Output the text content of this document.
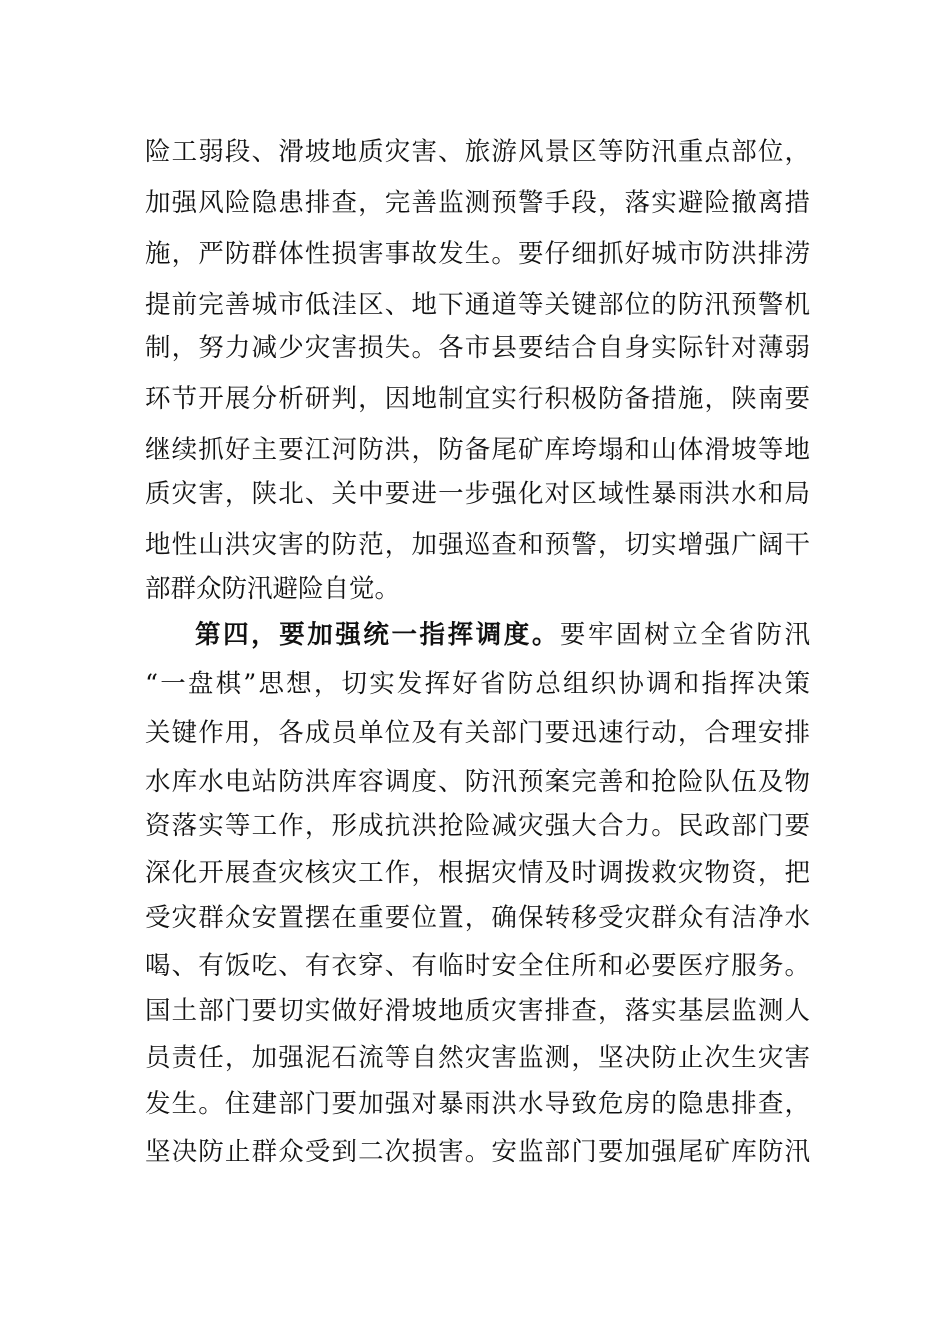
险工弱段、滑坡地质灾害、旅游风景区等防汛重点部位，
加强风险隐患排查，完善监测预警手段，落实避险撤离措
施，严防群体性损害事故发生。要仔细抓好城市防洪排涝
提前完善城市低洼区、地下通道等关键部位的防汛预警机
制，努力减少灾害损失。各市县要结合自身实际针对薄弱
环节开展分析研判，因地制宜实行积极防备措施，陕南要
继续抓好主要江河防洪，防备尾矿库垮塌和山体滑坡等地
质灾害，陕北、关中要进一步强化对区域性暴雨洪水和局
地性山洪灾害的防范，加强巡查和预警，切实增强广阔干
部群众防汛避险自觉。
第四，要加强统一指挥调度。要牢固树立全省防汛
“一盘棋”思想，切实发挥好省防总组织协调和指挥决策
关键作用，各成员单位及有关部门要迅速行动，合理安排
水库水电站防洪库容调度、防汛预案完善和抢险队伍及物
资落实等工作，形成抗洪抢险减灾强大合力。民政部门要
深化开展查灾核灾工作，根据灾情及时调拨救灾物资，把
受灾群众安置摆在重要位置，确保转移受灾群众有洁净水
喝、有饭吃、有衣穿、有临时安全住所和必要医疗服务。
国土部门要切实做好滑坡地质灾害排查，落实基层监测人
员责任，加强泥石流等自然灾害监测，坚决防止次生灾害
发生。住建部门要加强对暴雨洪水导致危房的隐患排查，
坚决防止群众受到二次损害。安监部门要加强尾矿库防汛
